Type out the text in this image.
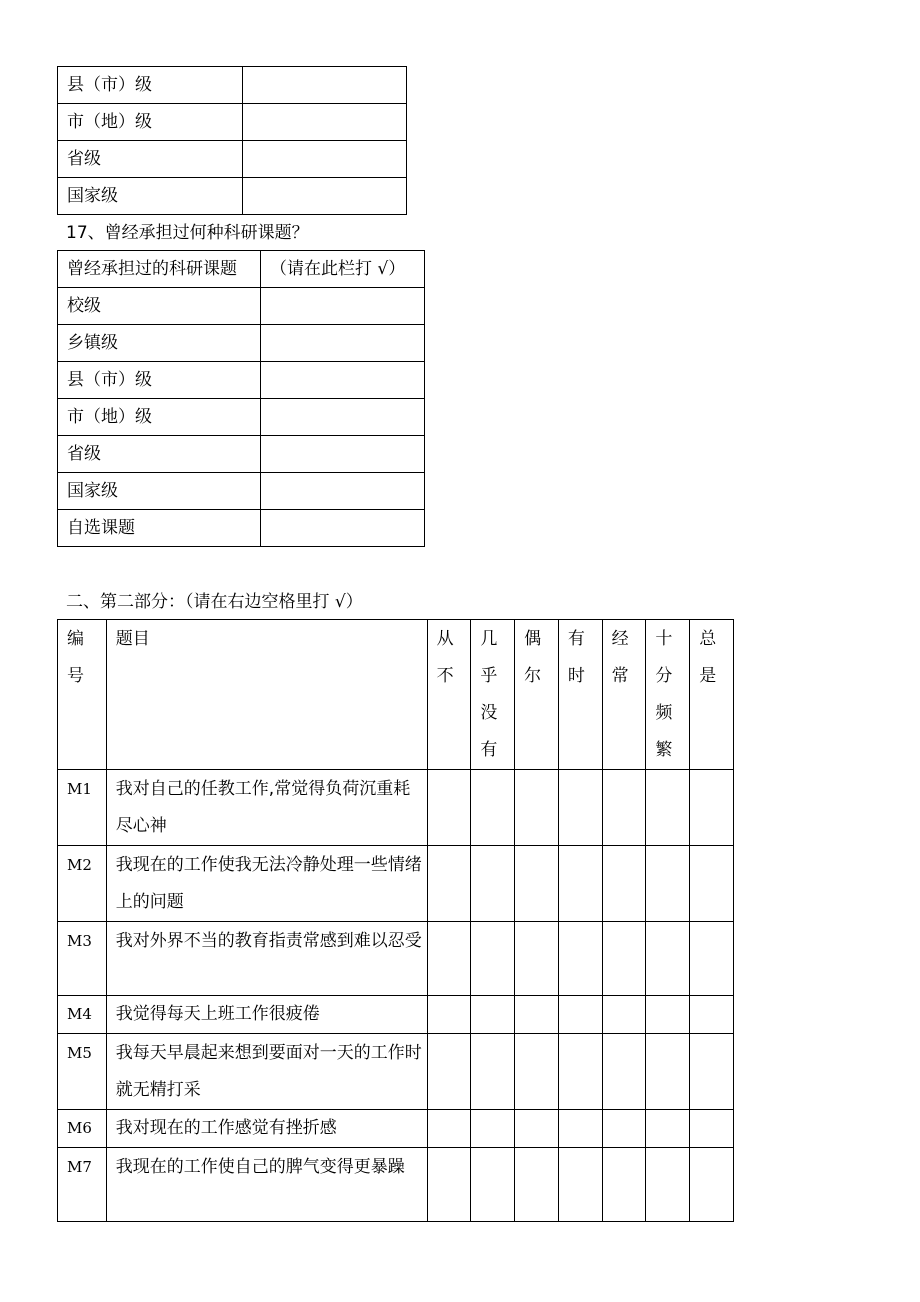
县（市）级	
市（地）级	
省级	
国家级	
17、曾经承担过何种科研课题？
曾经承担过的科研课题	（请在此栏打 √）
校级	
乡镇级	
县（市）级	
市（地）级	
省级	
国家级	
自选课题	
二、第二部分：（请在右边空格里打 √）
编号	题目	从不	几乎没有	偶尔	有时	经常	十分频繁	总是

M1	我对自己的任教工作,常觉得负荷沉重耗尽心神							
M2	我现在的工作使我无法冷静处理一些情绪上的问题							
M3	我对外界不当的教育指责常感到难以忍受							
M4	我觉得每天上班工作很疲倦							
M5	我每天早晨起来想到要面对一天的工作时就无精打采							
M6	我对现在的工作感觉有挫折感							
M7	我现在的工作使自己的脾气变得更暴躁							
